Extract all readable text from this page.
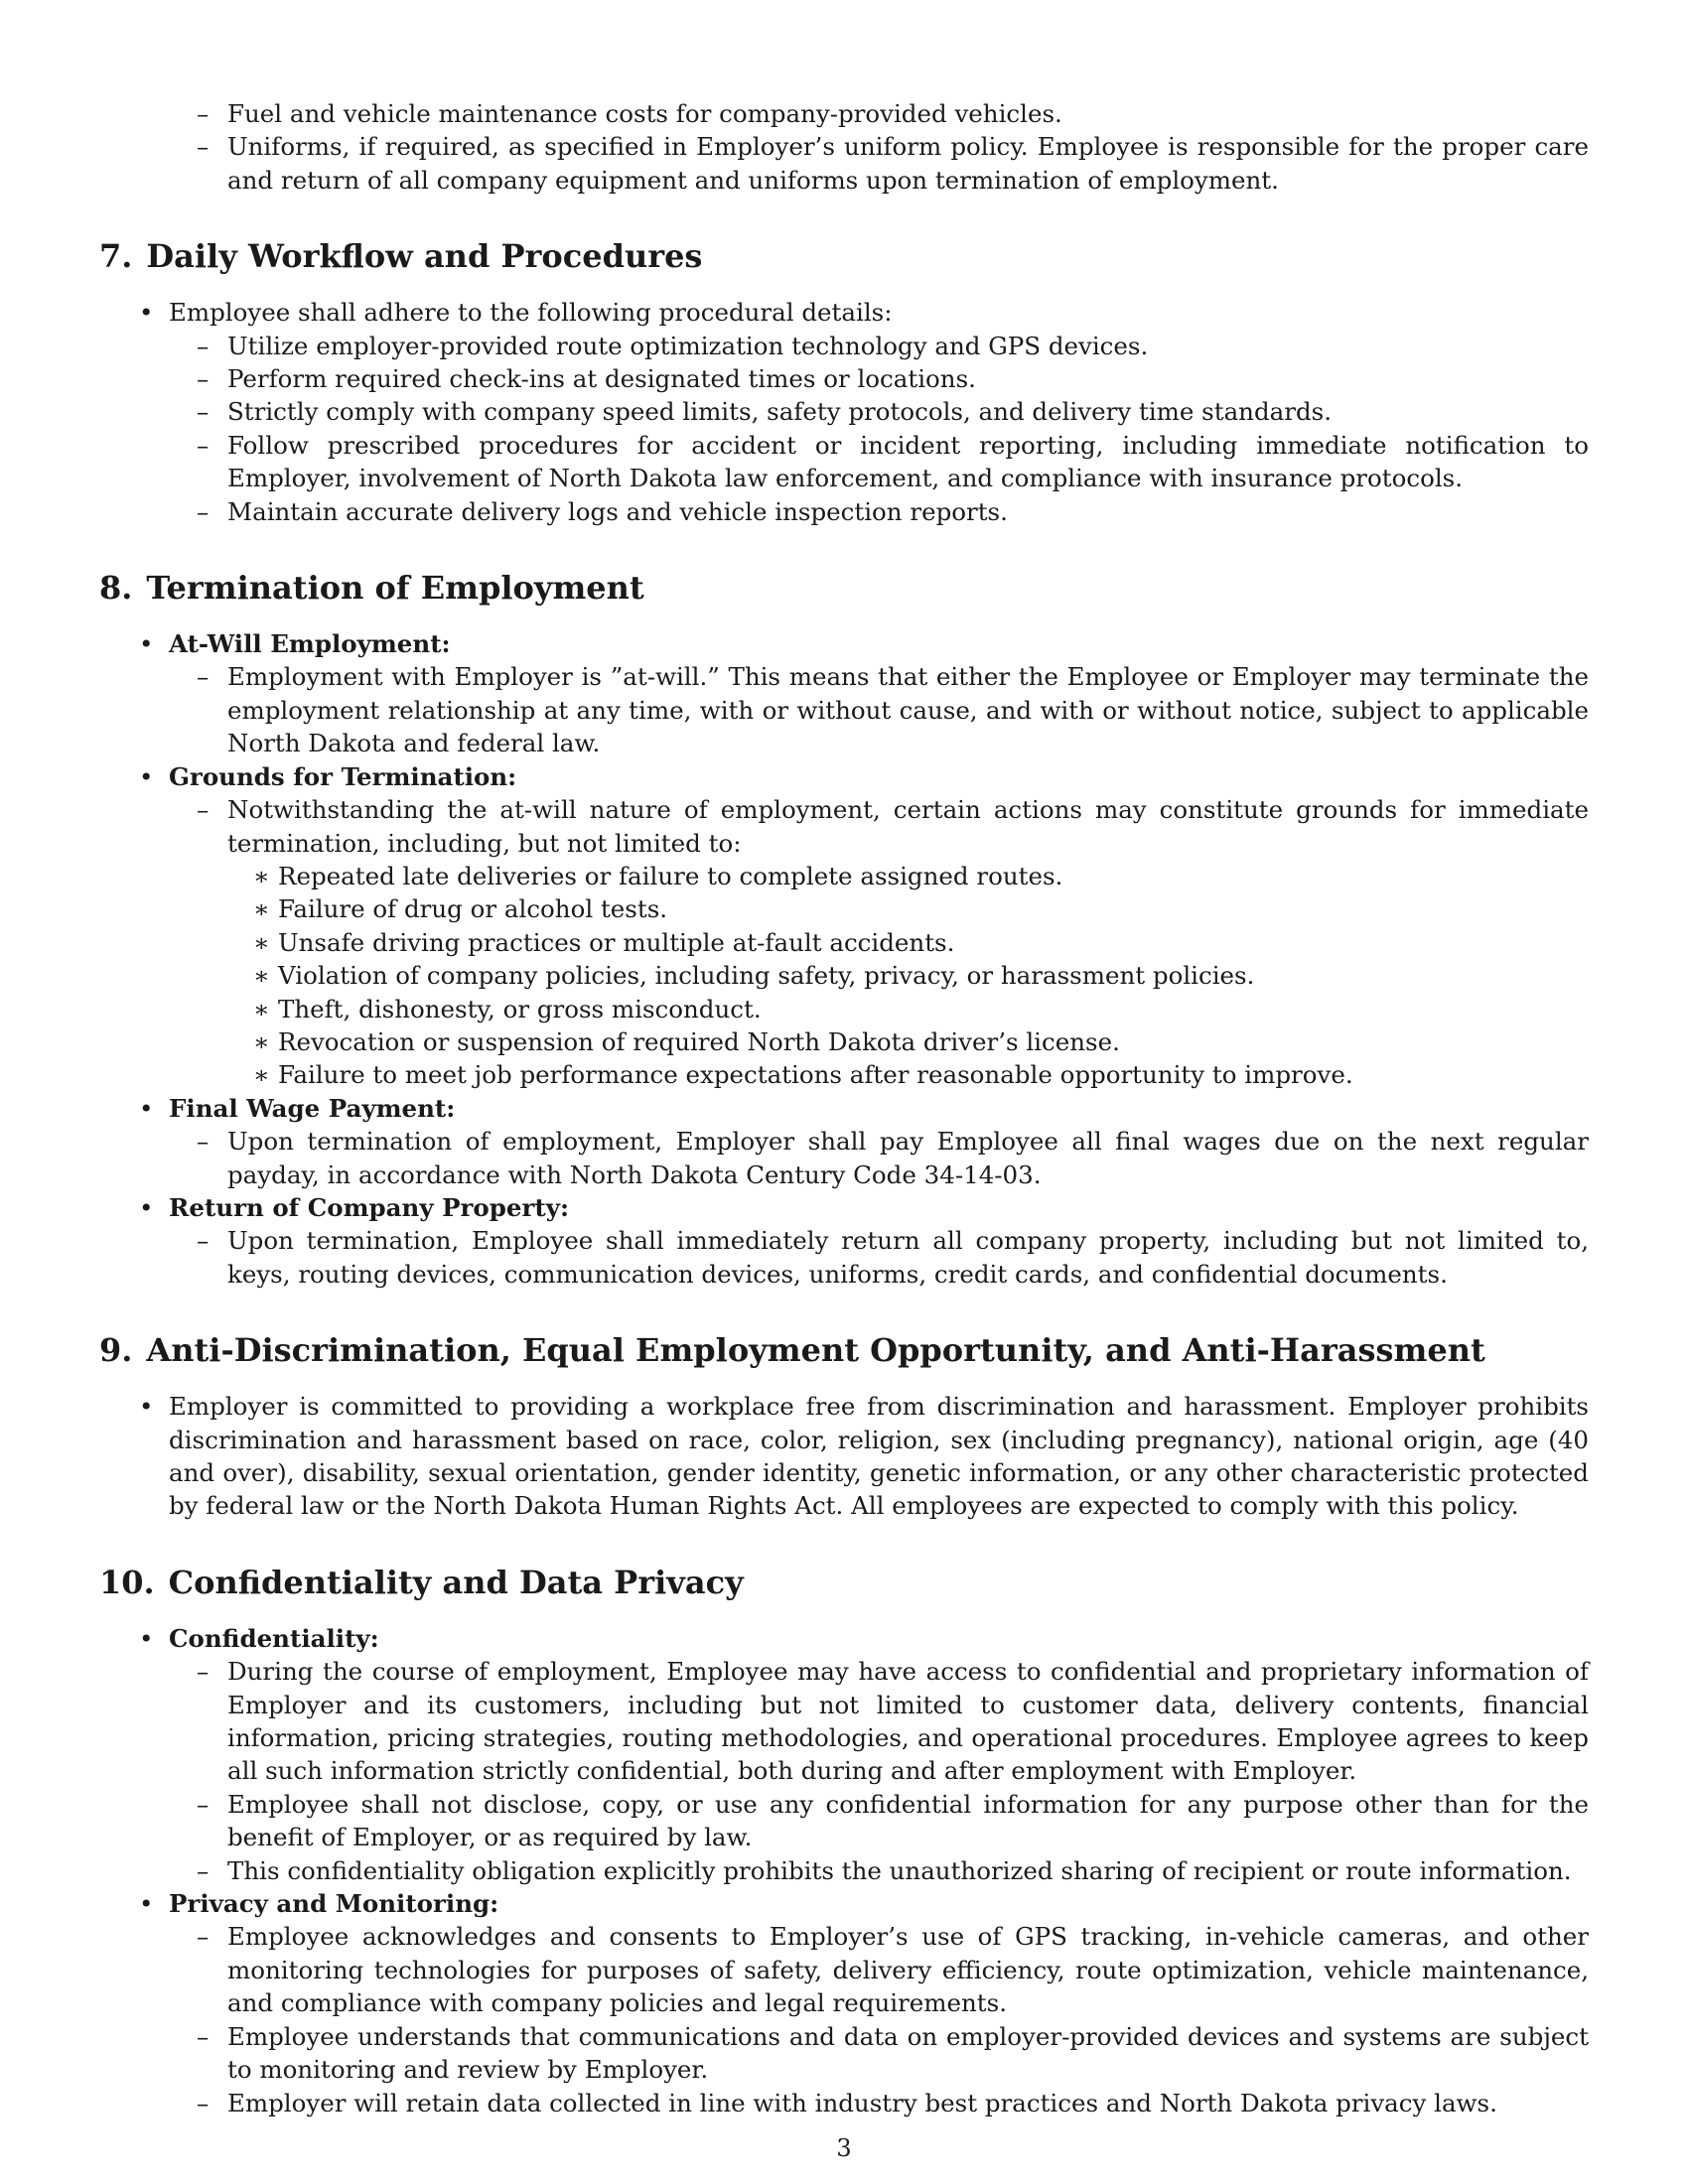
– Fuel and vehicle maintenance costs for company-provided vehicles.
– Uniforms, if required, as specified in Employer’s uniform policy. Employee is responsible for the proper care and return of all company equipment and uniforms upon termination of employment.
7. Daily Workflow and Procedures
• Employee shall adhere to the following procedural details:
– Utilize employer-provided route optimization technology and GPS devices.
– Perform required check-ins at designated times or locations.
– Strictly comply with company speed limits, safety protocols, and delivery time standards.
– Follow prescribed procedures for accident or incident reporting, including immediate notification to Employer, involvement of North Dakota law enforcement, and compliance with insurance protocols.
– Maintain accurate delivery logs and vehicle inspection reports.
8. Termination of Employment
• At-Will Employment:
– Employment with Employer is ”at-will.” This means that either the Employee or Employer may terminate the employment relationship at any time, with or without cause, and with or without notice, subject to applicable North Dakota and federal law.
• Grounds for Termination:
– Notwithstanding the at-will nature of employment, certain actions may constitute grounds for immediate termination, including, but not limited to:
∗ Repeated late deliveries or failure to complete assigned routes.
∗ Failure of drug or alcohol tests.
∗ Unsafe driving practices or multiple at-fault accidents.
∗ Violation of company policies, including safety, privacy, or harassment policies.
∗ Theft, dishonesty, or gross misconduct.
∗ Revocation or suspension of required North Dakota driver’s license.
∗ Failure to meet job performance expectations after reasonable opportunity to improve.
• Final Wage Payment:
– Upon termination of employment, Employer shall pay Employee all final wages due on the next regular payday, in accordance with North Dakota Century Code 34-14-03.
• Return of Company Property:
– Upon termination, Employee shall immediately return all company property, including but not limited to, keys, routing devices, communication devices, uniforms, credit cards, and confidential documents.
9. Anti-Discrimination, Equal Employment Opportunity, and Anti-Harassment
• Employer is committed to providing a workplace free from discrimination and harassment. Employer prohibits discrimination and harassment based on race, color, religion, sex (including pregnancy), national origin, age (40 and over), disability, sexual orientation, gender identity, genetic information, or any other characteristic protected by federal law or the North Dakota Human Rights Act. All employees are expected to comply with this policy.
10. Confidentiality and Data Privacy
• Confidentiality:
– During the course of employment, Employee may have access to confidential and proprietary information of Employer and its customers, including but not limited to customer data, delivery contents, financial information, pricing strategies, routing methodologies, and operational procedures. Employee agrees to keep all such information strictly confidential, both during and after employment with Employer.
– Employee shall not disclose, copy, or use any confidential information for any purpose other than for the benefit of Employer, or as required by law.
– This confidentiality obligation explicitly prohibits the unauthorized sharing of recipient or route information.
• Privacy and Monitoring:
– Employee acknowledges and consents to Employer’s use of GPS tracking, in-vehicle cameras, and other monitoring technologies for purposes of safety, delivery efficiency, route optimization, vehicle maintenance, and compliance with company policies and legal requirements.
– Employee understands that communications and data on employer-provided devices and systems are subject to monitoring and review by Employer.
– Employer will retain data collected in line with industry best practices and North Dakota privacy laws.
3
